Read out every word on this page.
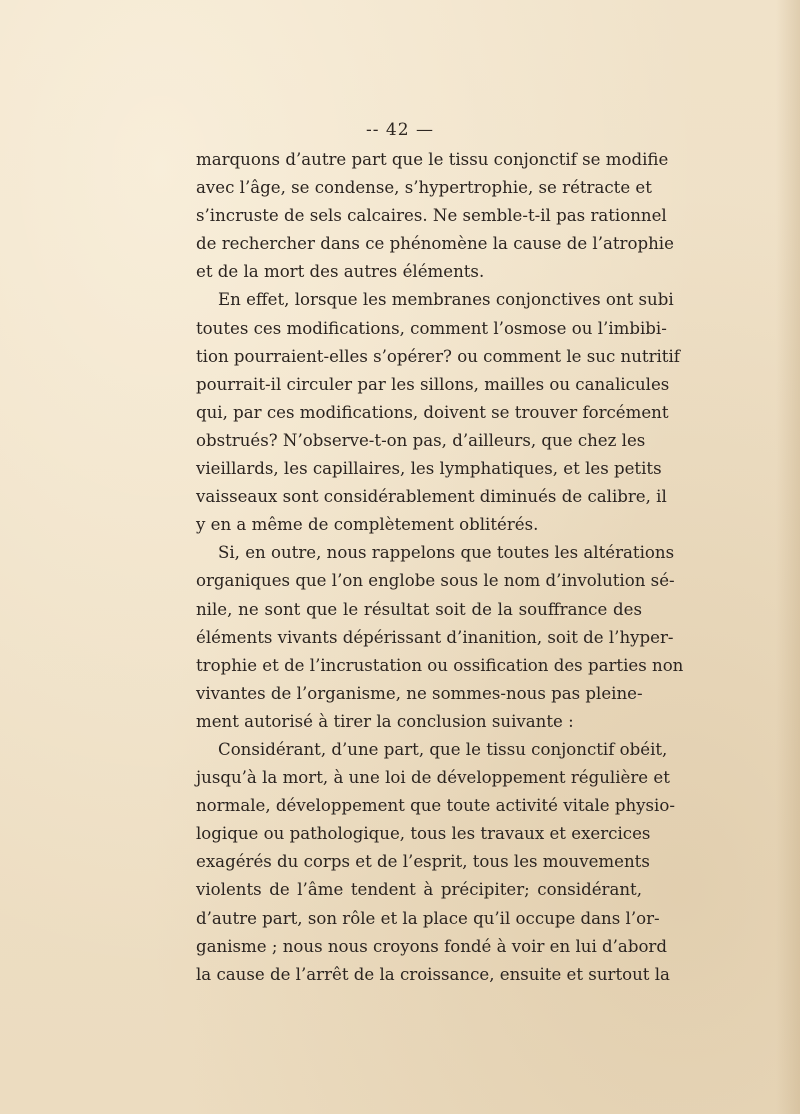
-- 42 —
marquons d’autre part que le tissu conjonctif se modifie
avec l’âge, se condense, s’hypertrophie, se rétracte et
s’incruste de sels calcaires. Ne semble-t-il pas rationnel
de rechercher dans ce phénomène la cause de l’atrophie
et de la mort des autres éléments.
En effet, lorsque les membranes conjonctives ont subi
toutes ces modifications, comment l’osmose ou l’imbibi-
tion pourraient-elles s’opérer? ou comment le suc nutritif
pourrait-il circuler par les sillons, mailles ou canalicules
qui, par ces modifications, doivent se trouver forcément
obstrués? N’observe-t-on pas, d’ailleurs, que chez les
vieillards, les capillaires, les lymphatiques, et les petits
vaisseaux sont considérablement diminués de calibre, il
y en a même de complètement oblitérés.
Si, en outre, nous rappelons que toutes les altérations
organiques que l’on englobe sous le nom d’involution sé-
nile, ne sont que le résultat soit de la souffrance des
éléments vivants dépérissant d’inanition, soit de l’hyper-
trophie et de l’incrustation ou ossification des parties non
vivantes de l’organisme, ne sommes-nous pas pleine-
ment autorisé à tirer la conclusion suivante :
Considérant, d’une part, que le tissu conjonctif obéit,
jusqu’à la mort, à une loi de développement régulière et
normale, développement que toute activité vitale physio-
logique ou pathologique, tous les travaux et exercices
exagérés du corps et de l’esprit, tous les mouvements
violents de l’âme tendent à précipiter; considérant,
d’autre part, son rôle et la place qu’il occupe dans l’or-
ganisme ; nous nous croyons fondé à voir en lui d’abord
la cause de l’arrêt de la croissance, ensuite et surtout la
